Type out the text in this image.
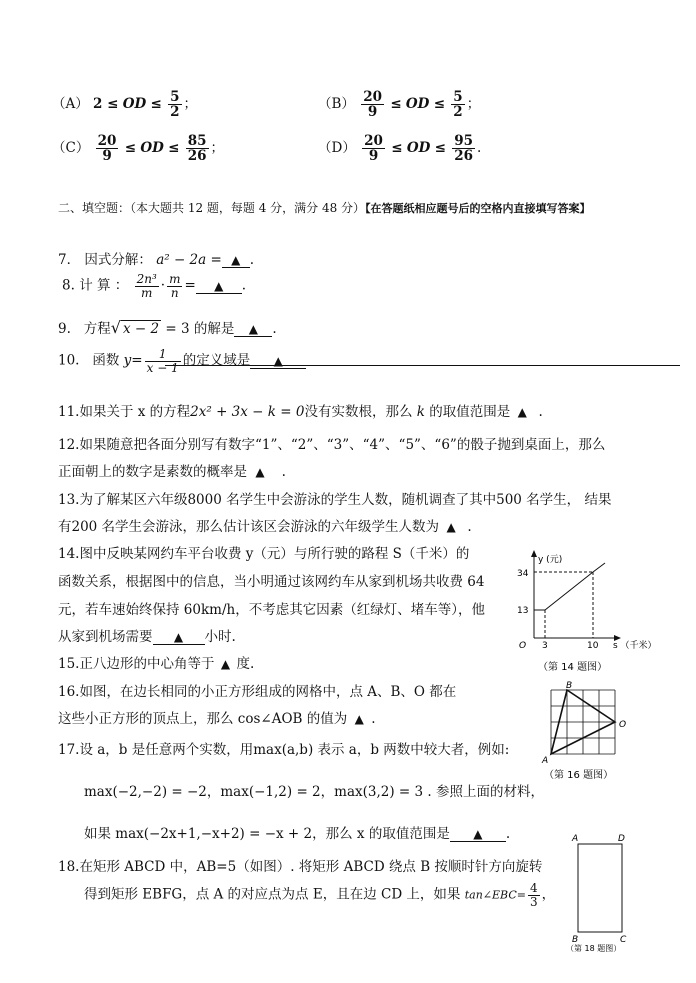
（A） 2 ≤ OD ≤ $\frac{5}{2}$ ；	$(B) \frac{20}{9}$ ≤ OD ≤ $\frac{5}{2}$ ；
$(C) \frac{20}{9}$ ≤ OD ≤ $\frac{85}{26}$ ；	$(D) \frac{20}{9}$ ≤ OD ≤ $\frac{95}{26}$ .
二、填空题：（本大题共 12 题，每题 4 分，满分 48 分）【在答题纸相应题号后的空格内直接填写答案】
7． 因式分解： a² − 2a = ▲ .
8. 计 算 ： $\frac{\text{2n³}}{m} \cdot \frac{m}{n}$ = ▲ .
9. 方程√ x − 2 = 3 的解是 ▲ .
10. 函数 $y= \frac{1}{x - 1}$ 的定义域是 ▲
11.如果关于 x 的方程2x² + 3x − k = 0没有实数根，那么 k 的取值范围是 ▲ .
12.如果随意把各面分别写有数字“1”、“2”、“3”、“4”、“5”、“6”的骰子抛到桌面上，那么
正面朝上的数字是素数的概率是 ▲ .
13.为了解某区六年级8000 名学生中会游泳的学生人数，随机调查了其中500 名学生， 结果
有200 名学生会游泳，那么估计该区会游泳的六年级学生人数为 ▲ .
14.图中反映某网约车平台收费 y（元）与所行驶的路程 S（千米）的
函数关系，根据图中的信息，当小明通过该网约车从家到机场共收费 64
元，若车速始终保持 60km/h，不考虑其它因素（红绿灯、堵车等），他
从家到机场需要 ▲ 小时.
y (元)
34
13
O 3	10 s （千米）
（第 14 题图）
15.正八边形的中心角等于 ▲ 度.
16.如图，在边长相同的小正方形组成的网格中，点 A、B、O 都在
这些小正方形的顶点上，那么 cos∠AOB 的值为 ▲ .
B
O
A
（第 16 题图）
17.设 a，b 是任意两个实数，用max(a,b) 表示 a，b 两数中较大者，例如:
max(−2,−2) = −2，max(−1,2) = 2，max(3,2) = 3 . 参照上面的材料，
如果 max(−2x+1,−x+2) = −x + 2，那么 x 的取值范围是 ▲ .
18.在矩形 ABCD 中，AB=5（如图）. 将矩形 ABCD 绕点 B 按顺时针方向旋转
得到矩形 EBFG，点 A 的对应点为点 E，且在边 CD 上，如果 tan∠EBC= $\frac{4}{3}$ ，
A	D
B	C
（第 18 题图）
